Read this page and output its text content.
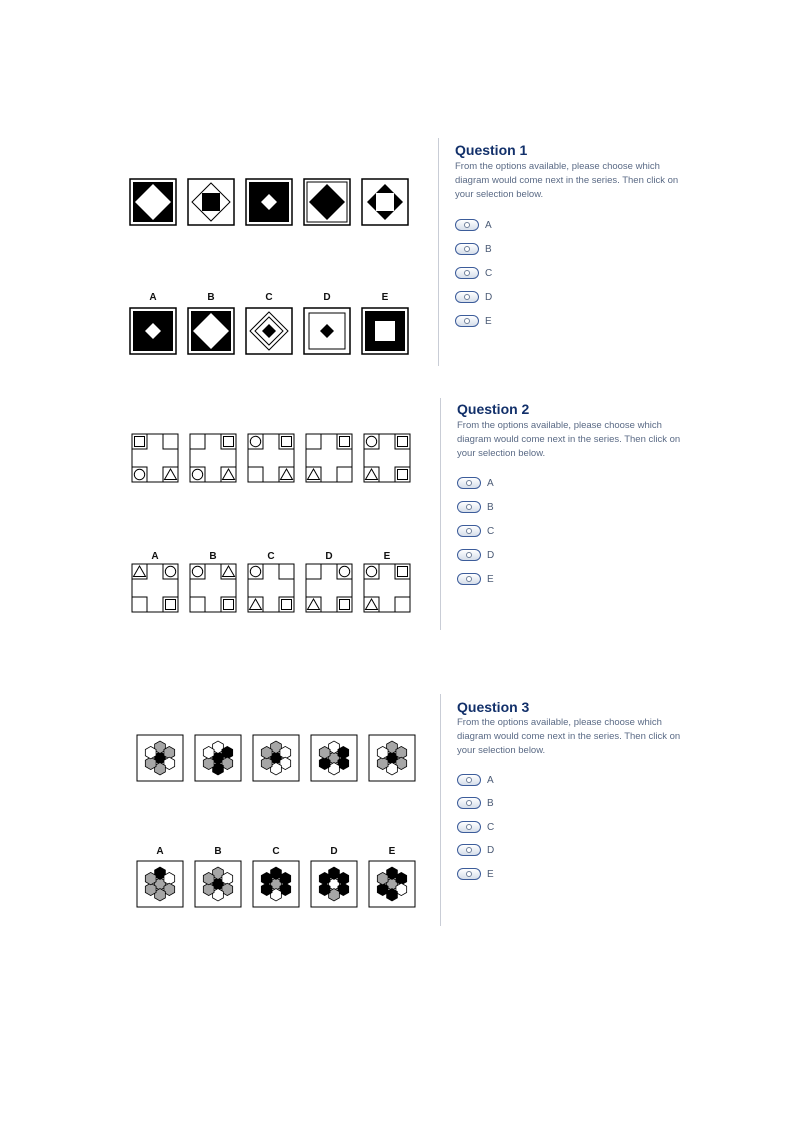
Question 1

From the options available, please choose which diagram would come next in the series. Then click on your selection below.

A
B
C
D
E
A	B	C	D	E
Question 2

From the options available, please choose which diagram would come next in the series. Then click on your selection below.

A
B
C
D
E
A	B	C	D	E
Question 3

From the options available, please choose which diagram would come next in the series. Then click on your selection below.

A
B
C
D
E
A	B	C	D	E
